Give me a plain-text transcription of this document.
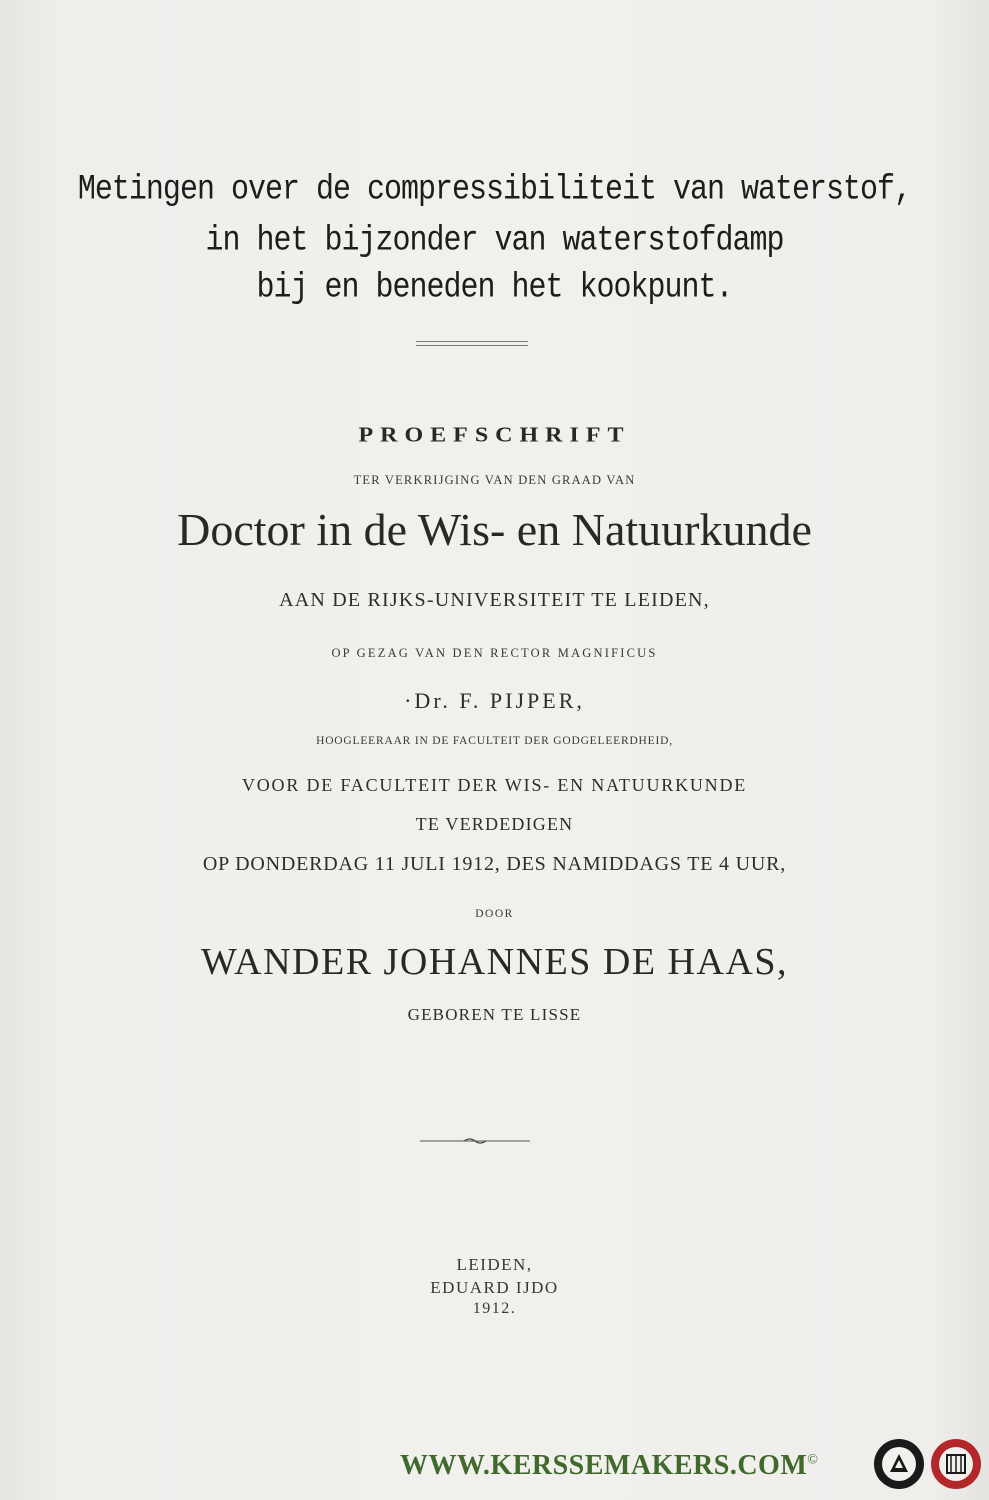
Metingen over de compressibiliteit van waterstof,
in het bijzonder van waterstofdamp
bij en beneden het kookpunt.
PROEFSCHRIFT
TER VERKRIJGING VAN DEN GRAAD VAN
Doctor in de Wis- en Natuurkunde
AAN DE RIJKS-UNIVERSITEIT TE LEIDEN,
OP GEZAG VAN DEN RECTOR MAGNIFICUS
·Dr. F. PIJPER,
HOOGLEERAAR IN DE FACULTEIT DER GODGELEERDHEID,
VOOR DE FACULTEIT DER WIS- EN NATUURKUNDE
TE VERDEDIGEN
OP DONDERDAG 11 JULI 1912, DES NAMIDDAGS TE 4 UUR,
DOOR
WANDER JOHANNES DE HAAS,
GEBOREN TE LISSE
LEIDEN,
EDUARD IJDO
1912.
WWW.KERSSEMAKERS.COM©
